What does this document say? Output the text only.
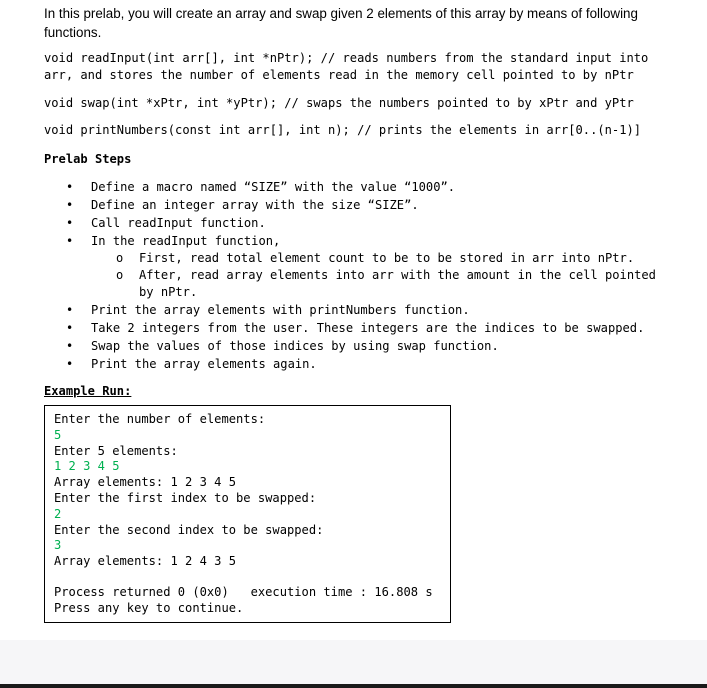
In this prelab, you will create an array and swap given 2 elements of this array by means of following functions.
void readInput(int arr[], int *nPtr); // reads numbers from the standard input into arr, and stores the number of elements read in the memory cell pointed to by nPtr
void swap(int *xPtr, int *yPtr); // swaps the numbers pointed to by xPtr and yPtr
void printNumbers(const int arr[], int n); // prints the elements in arr[0..(n-1)]
Prelab Steps
• Define a macro named “SIZE” with the value “1000”.
• Define an integer array with the size “SIZE”.
• Call readInput function.
• In the readInput function,
o First, read total element count to be to be stored in arr into nPtr.
o After, read array elements into arr with the amount in the cell pointed
by nPtr.
• Print the array elements with printNumbers function.
• Take 2 integers from the user. These integers are the indices to be swapped.
• Swap the values of those indices by using swap function.
• Print the array elements again.
Example Run:
Enter the number of elements:
5
Enter 5 elements:
1 2 3 4 5
Array elements: 1 2 3 4 5
Enter the first index to be swapped:
2
Enter the second index to be swapped:
3
Array elements: 1 2 4 3 5
Process returned 0 (0x0)   execution time : 16.808 s
Press any key to continue.
